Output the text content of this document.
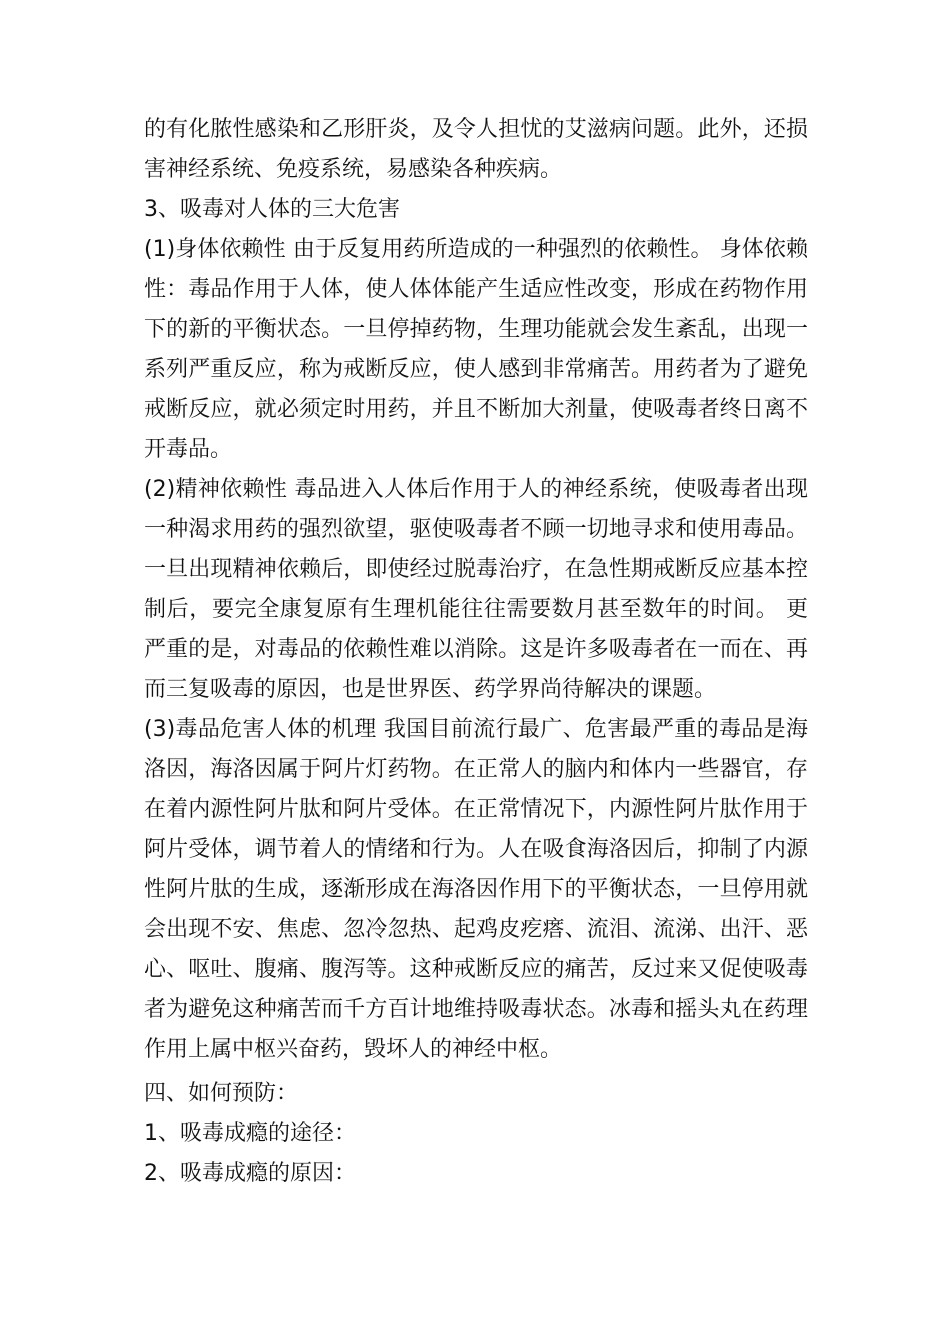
的有化脓性感染和乙形肝炎，及令人担忧的艾滋病问题。此外，还损害神经系统、免疫系统，易感染各种疾病。

3、吸毒对人体的三大危害

(1)身体依赖性 由于反复用药所造成的一种强烈的依赖性。 身体依赖性：毒品作用于人体，使人体体能产生适应性改变，形成在药物作用下的新的平衡状态。一旦停掉药物，生理功能就会发生紊乱，出现一系列严重反应，称为戒断反应，使人感到非常痛苦。用药者为了避免戒断反应，就必须定时用药，并且不断加大剂量，使吸毒者终日离不开毒品。

(2)精神依赖性 毒品进入人体后作用于人的神经系统，使吸毒者出现一种渴求用药的强烈欲望，驱使吸毒者不顾一切地寻求和使用毒品。一旦出现精神依赖后，即使经过脱毒治疗，在急性期戒断反应基本控制后，要完全康复原有生理机能往往需要数月甚至数年的时间。 更严重的是，对毒品的依赖性难以消除。这是许多吸毒者在一而在、再而三复吸毒的原因，也是世界医、药学界尚待解决的课题。

(3)毒品危害人体的机理 我国目前流行最广、危害最严重的毒品是海洛因，海洛因属于阿片灯药物。在正常人的脑内和体内一些器官，存在着内源性阿片肽和阿片受体。在正常情况下，内源性阿片肽作用于阿片受体，调节着人的情绪和行为。人在吸食海洛因后，抑制了内源性阿片肽的生成，逐渐形成在海洛因作用下的平衡状态，一旦停用就会出现不安、焦虑、忽冷忽热、起鸡皮疙瘩、流泪、流涕、出汗、恶心、呕吐、腹痛、腹泻等。这种戒断反应的痛苦，反过来又促使吸毒者为避免这种痛苦而千方百计地维持吸毒状态。冰毒和摇头丸在药理作用上属中枢兴奋药，毁坏人的神经中枢。

四、如何预防：

1、吸毒成瘾的途径：

2、吸毒成瘾的原因：
